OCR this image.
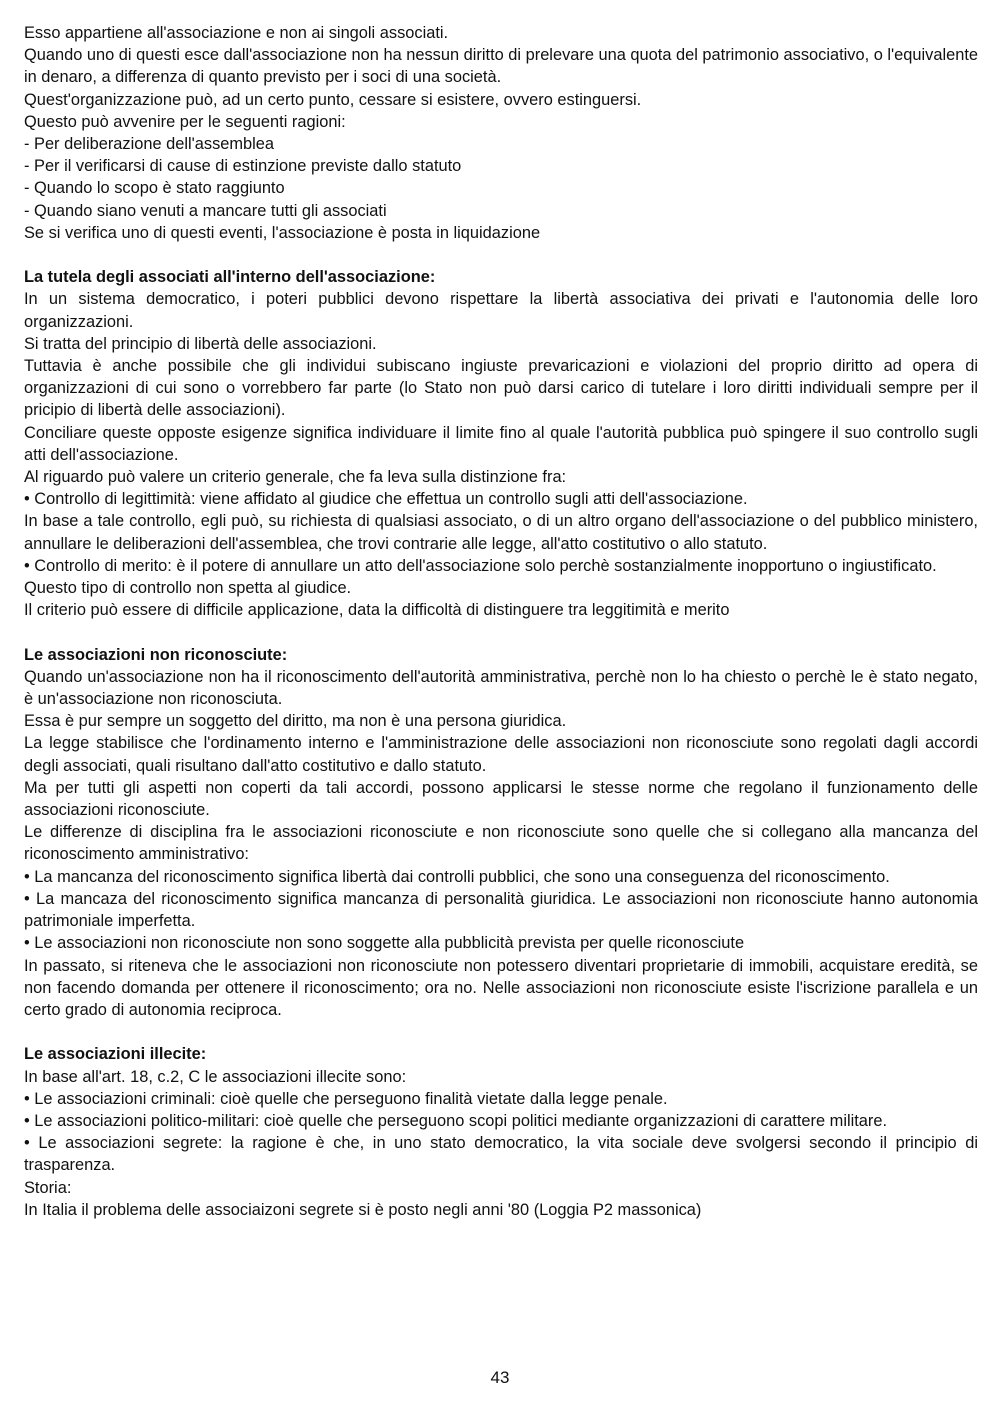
Esso appartiene all'associazione e non ai singoli associati.
Quando uno di questi esce dall'associazione non ha nessun diritto di prelevare una quota del patrimonio associativo, o l'equivalente in denaro, a differenza di quanto previsto per i soci di una società.
Quest'organizzazione può, ad un certo punto, cessare si esistere, ovvero estinguersi.
Questo può avvenire per le seguenti ragioni:
- Per deliberazione dell'assemblea
- Per il verificarsi di cause di estinzione previste dallo statuto
- Quando lo scopo è stato raggiunto
- Quando siano venuti a mancare tutti gli associati
Se si verifica uno di questi eventi, l'associazione è posta in liquidazione
La tutela degli associati all'interno dell'associazione:
In un sistema democratico, i poteri pubblici devono rispettare la libertà associativa dei privati e l'autonomia delle loro organizzazioni.
Si tratta del principio di libertà delle associazioni.
Tuttavia è anche possibile che gli individui subiscano ingiuste prevaricazioni e violazioni del proprio diritto ad opera di organizzazioni di cui sono o vorrebbero far parte (lo Stato non può darsi carico di tutelare i loro diritti individuali sempre per il pricipio di libertà delle associazioni).
Conciliare queste opposte esigenze significa individuare il limite fino al quale l'autorità pubblica può spingere il suo controllo sugli atti dell'associazione.
Al riguardo può valere un criterio generale, che fa leva sulla distinzione fra:
• Controllo di legittimità: viene affidato al giudice che effettua un controllo sugli atti dell'associazione.
In base a tale controllo, egli può, su richiesta di qualsiasi associato, o di un altro organo dell'associazione o del pubblico ministero, annullare le deliberazioni dell'assemblea, che trovi contrarie alle legge, all'atto costitutivo o allo statuto.
• Controllo di merito: è il potere di annullare un atto dell'associazione solo perchè sostanzialmente inopportuno o ingiustificato.
Questo tipo di controllo non spetta al giudice.
Il criterio può essere di difficile applicazione, data la difficoltà di distinguere tra leggitimità e merito
Le associazioni non riconosciute:
Quando un'associazione non ha il riconoscimento dell'autorità amministrativa, perchè non lo ha chiesto o perchè le è stato negato, è un'associazione non riconosciuta.
Essa è pur sempre un soggetto del diritto, ma non è una persona giuridica.
La legge stabilisce che l'ordinamento interno e l'amministrazione delle associazioni non riconosciute sono regolati dagli accordi degli associati, quali risultano dall'atto costitutivo e dallo statuto.
Ma per tutti gli aspetti non coperti da tali accordi, possono applicarsi le stesse norme che regolano il funzionamento delle associazioni riconosciute.
Le differenze di disciplina fra le associazioni riconosciute e non riconosciute sono quelle che si collegano alla mancanza del riconoscimento amministrativo:
• La mancanza del riconoscimento significa libertà dai controlli pubblici, che sono una conseguenza del riconoscimento.
• La mancaza del riconoscimento significa mancanza di personalità giuridica. Le associazioni non riconosciute hanno autonomia patrimoniale imperfetta.
• Le associazioni non riconosciute non sono soggette alla pubblicità prevista per quelle riconosciute
In passato, si riteneva che le associazioni non riconosciute non potessero diventari proprietarie di immobili, acquistare eredità, se non facendo domanda per ottenere il riconoscimento; ora no. Nelle associazioni non riconosciute esiste l'iscrizione parallela e un certo grado di autonomia reciproca.
Le associazioni illecite:
In base all'art. 18, c.2, C le associazioni illecite sono:
• Le associazioni criminali: cioè quelle che perseguono finalità vietate dalla legge penale.
• Le associazioni politico-militari: cioè quelle che perseguono scopi politici mediante organizzazioni di carattere militare.
• Le associazioni segrete: la ragione è che, in uno stato democratico, la vita sociale deve svolgersi secondo il principio di trasparenza.
Storia:
In Italia il problema delle associaizoni segrete si è posto negli anni '80 (Loggia P2 massonica)
43
